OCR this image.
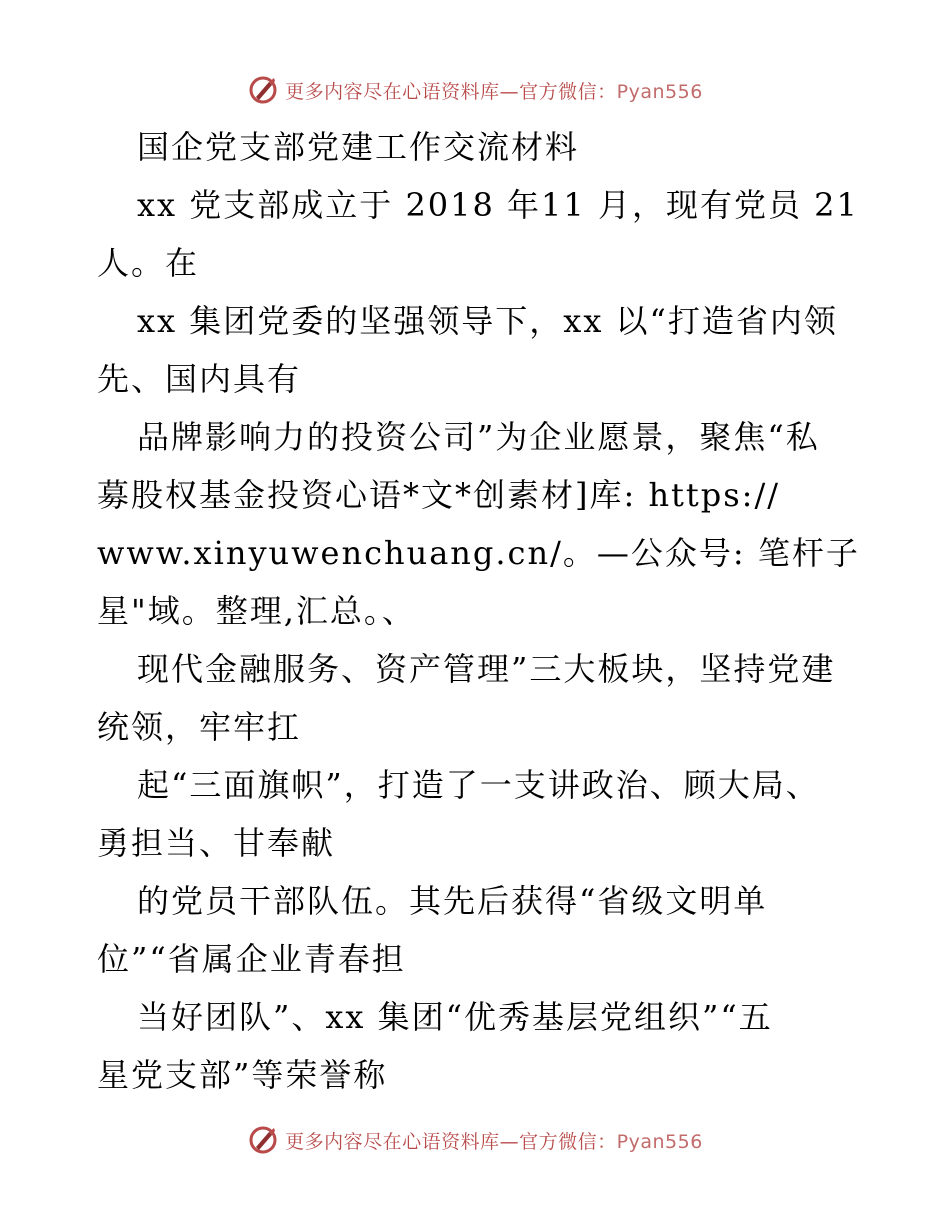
更多内容尽在心语资料库—官方微信：Pyan556
国企党支部党建工作交流材料
xx 党支部成立于 2018 年11 月，现有党员 21
人。在
xx 集团党委的坚强领导下，xx 以“打造省内领
先、国内具有
品牌影响力的投资公司”为企业愿景，聚焦“私
募股权基金投资心语*文*创素材]库: https://
www.xinyuwenchuang.cn/。—公众号: 笔杆子
星"域。整理,汇总。、
现代金融服务、资产管理”三大板块，坚持党建
统领，牢牢扛
起“三面旗帜”，打造了一支讲政治、顾大局、
勇担当、甘奉献
的党员干部队伍。其先后获得“省级文明单
位”“省属企业青春担
当好团队”、xx 集团“优秀基层党组织”“五
星党支部”等荣誉称
更多内容尽在心语资料库—官方微信：Pyan556
